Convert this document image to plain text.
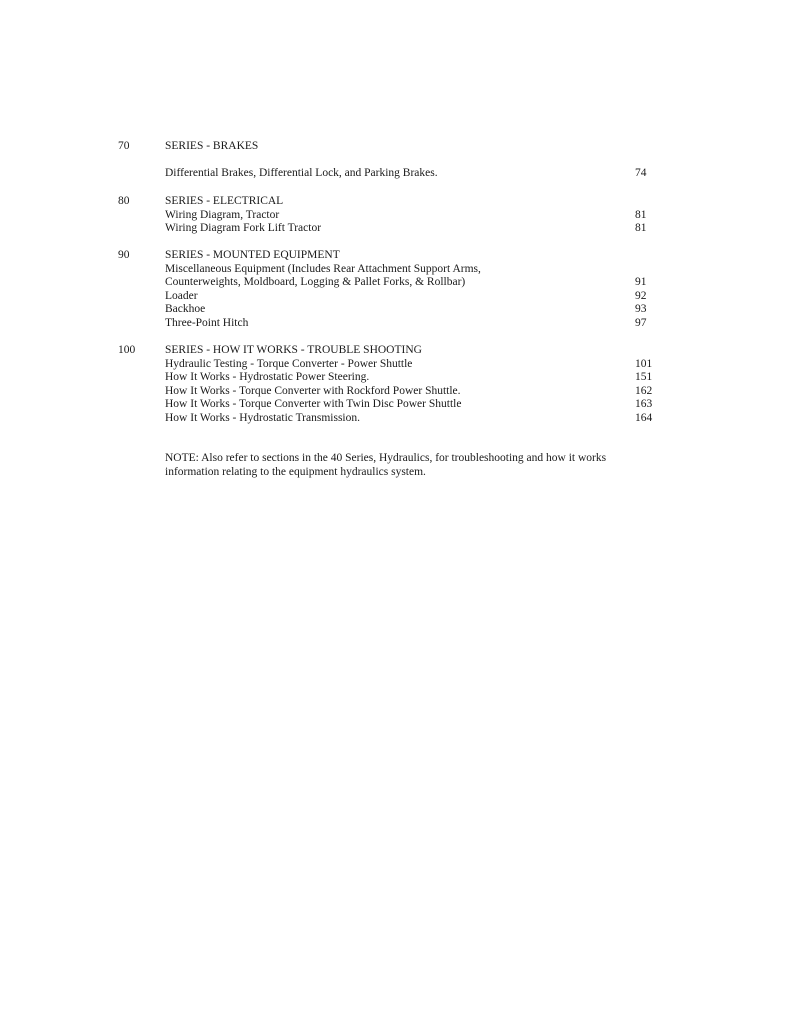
70	SERIES - BRAKES
Differential Brakes, Differential Lock, and Parking Brakes.	74
80	SERIES - ELECTRICAL
Wiring Diagram, Tractor	81
Wiring Diagram Fork Lift Tractor	81
90	SERIES - MOUNTED EQUIPMENT
Miscellaneous Equipment (Includes Rear Attachment Support Arms,
Counterweights, Moldboard, Logging & Pallet Forks, & Rollbar)	91
Loader	92
Backhoe	93
Three-Point Hitch	97
100	SERIES - HOW IT WORKS - TROUBLE SHOOTING
Hydraulic Testing - Torque Converter - Power Shuttle	101
How It Works - Hydrostatic Power Steering.	151
How It Works - Torque Converter with Rockford Power Shuttle.	162
How It Works - Torque Converter with Twin Disc Power Shuttle	163
How It Works - Hydrostatic Transmission.	164
NOTE: Also refer to sections in the 40 Series, Hydraulics, for troubleshooting and how it works
information relating to the equipment hydraulics system.
